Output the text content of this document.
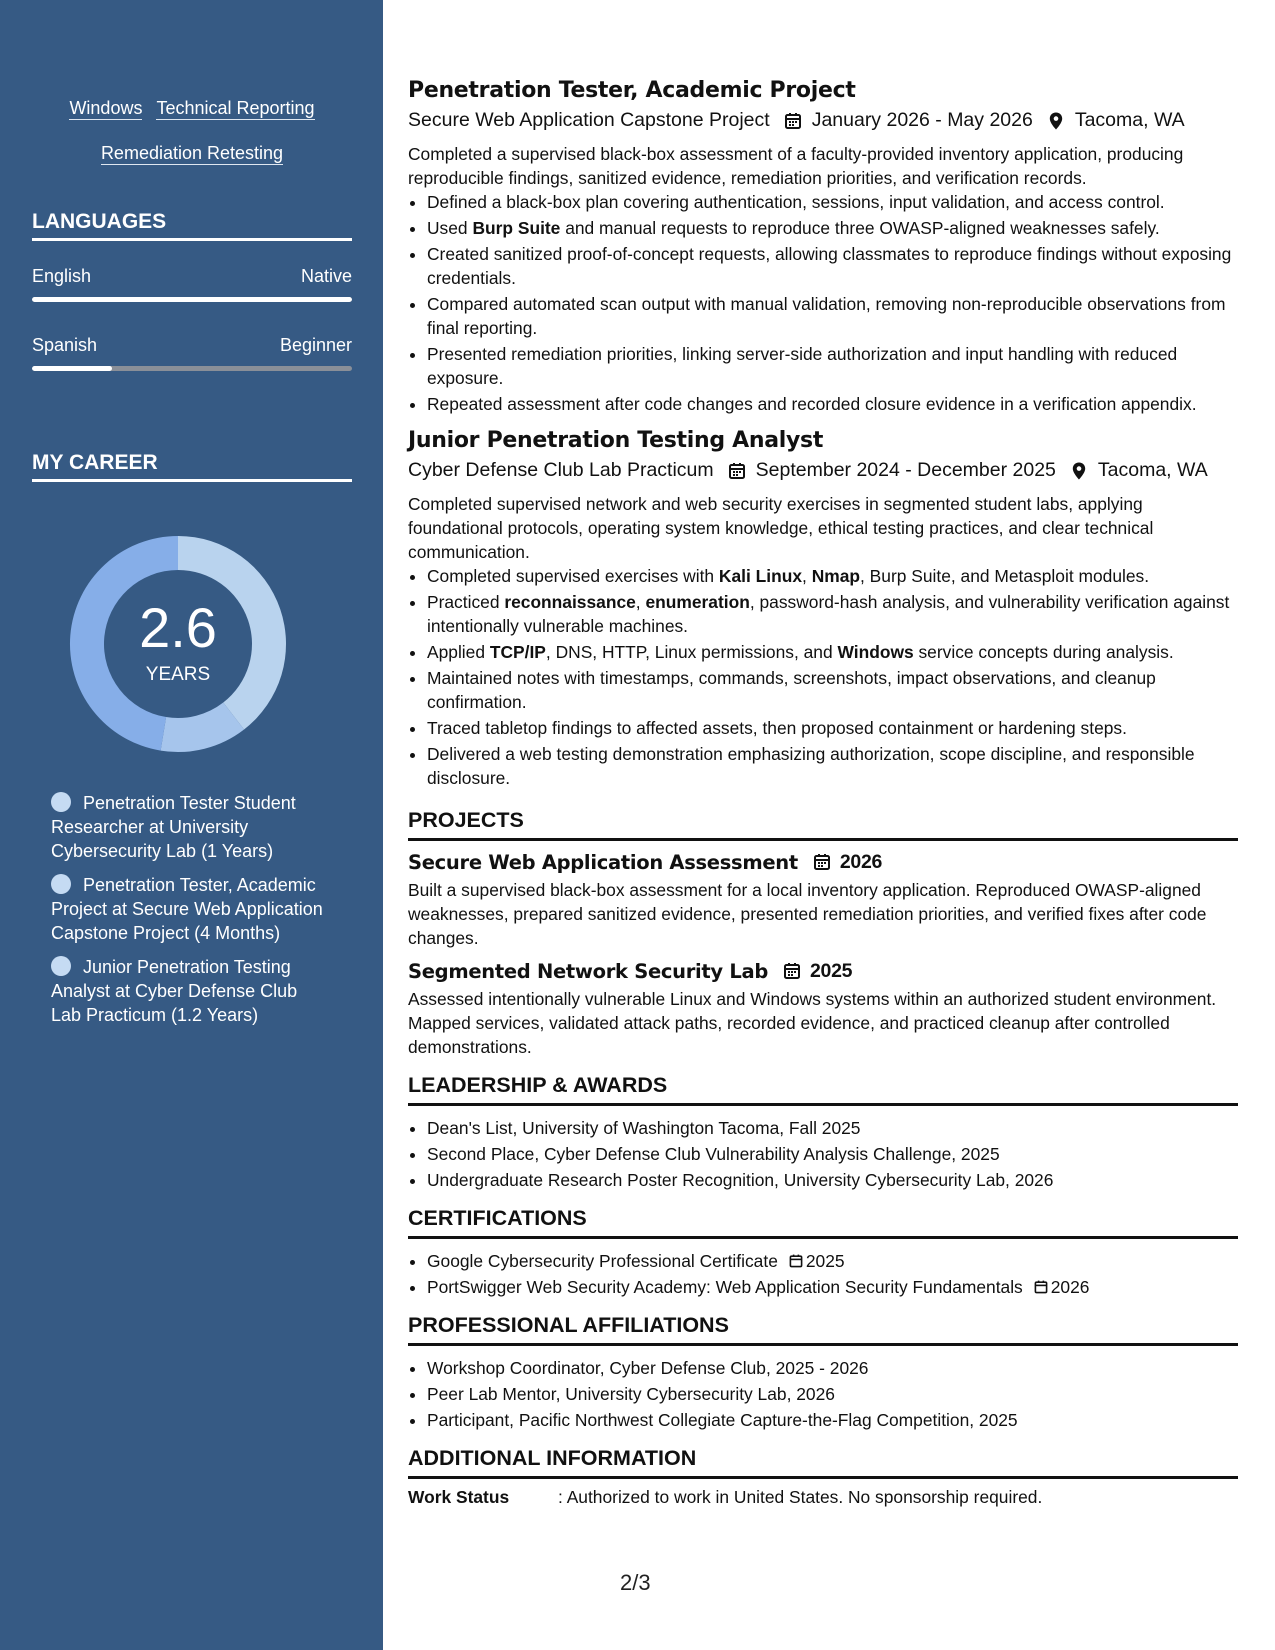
Windows Technical Reporting
Remediation Retesting
LANGUAGES
English	Native
Spanish	Beginner
MY CAREER
2.6
YEARS
Penetration Tester Student Researcher at University Cybersecurity Lab (1 Years)
Penetration Tester, Academic Project at Secure Web Application Capstone Project (4 Months)
Junior Penetration Testing Analyst at Cyber Defense Club Lab Practicum (1.2 Years)
Penetration Tester, Academic Project
Secure Web Application Capstone Project January 2026 - May 2026 Tacoma, WA
Completed a supervised black-box assessment of a faculty-provided inventory application, producing reproducible findings, sanitized evidence, remediation priorities, and verification records.
• Defined a black-box plan covering authentication, sessions, input validation, and access control.
• Used Burp Suite and manual requests to reproduce three OWASP-aligned weaknesses safely.
• Created sanitized proof-of-concept requests, allowing classmates to reproduce findings without exposing credentials.
• Compared automated scan output with manual validation, removing non-reproducible observations from final reporting.
• Presented remediation priorities, linking server-side authorization and input handling with reduced exposure.
• Repeated assessment after code changes and recorded closure evidence in a verification appendix.
Junior Penetration Testing Analyst
Cyber Defense Club Lab Practicum September 2024 - December 2025 Tacoma, WA
Completed supervised network and web security exercises in segmented student labs, applying foundational protocols, operating system knowledge, ethical testing practices, and clear technical communication.
• Completed supervised exercises with Kali Linux, Nmap, Burp Suite, and Metasploit modules.
• Practiced reconnaissance, enumeration, password-hash analysis, and vulnerability verification against intentionally vulnerable machines.
• Applied TCP/IP, DNS, HTTP, Linux permissions, and Windows service concepts during analysis.
• Maintained notes with timestamps, commands, screenshots, impact observations, and cleanup confirmation.
• Traced tabletop findings to affected assets, then proposed containment or hardening steps.
• Delivered a web testing demonstration emphasizing authorization, scope discipline, and responsible disclosure.
PROJECTS
Secure Web Application Assessment 2026
Built a supervised black-box assessment for a local inventory application. Reproduced OWASP-aligned weaknesses, prepared sanitized evidence, presented remediation priorities, and verified fixes after code changes.
Segmented Network Security Lab 2025
Assessed intentionally vulnerable Linux and Windows systems within an authorized student environment. Mapped services, validated attack paths, recorded evidence, and practiced cleanup after controlled demonstrations.
LEADERSHIP & AWARDS
• Dean's List, University of Washington Tacoma, Fall 2025
• Second Place, Cyber Defense Club Vulnerability Analysis Challenge, 2025
• Undergraduate Research Poster Recognition, University Cybersecurity Lab, 2026
CERTIFICATIONS
• Google Cybersecurity Professional Certificate 2025
• PortSwigger Web Security Academy: Web Application Security Fundamentals 2026
PROFESSIONAL AFFILIATIONS
• Workshop Coordinator, Cyber Defense Club, 2025 - 2026
• Peer Lab Mentor, University Cybersecurity Lab, 2026
• Participant, Pacific Northwest Collegiate Capture-the-Flag Competition, 2025
ADDITIONAL INFORMATION
Work Status	: Authorized to work in United States. No sponsorship required.
2/3
